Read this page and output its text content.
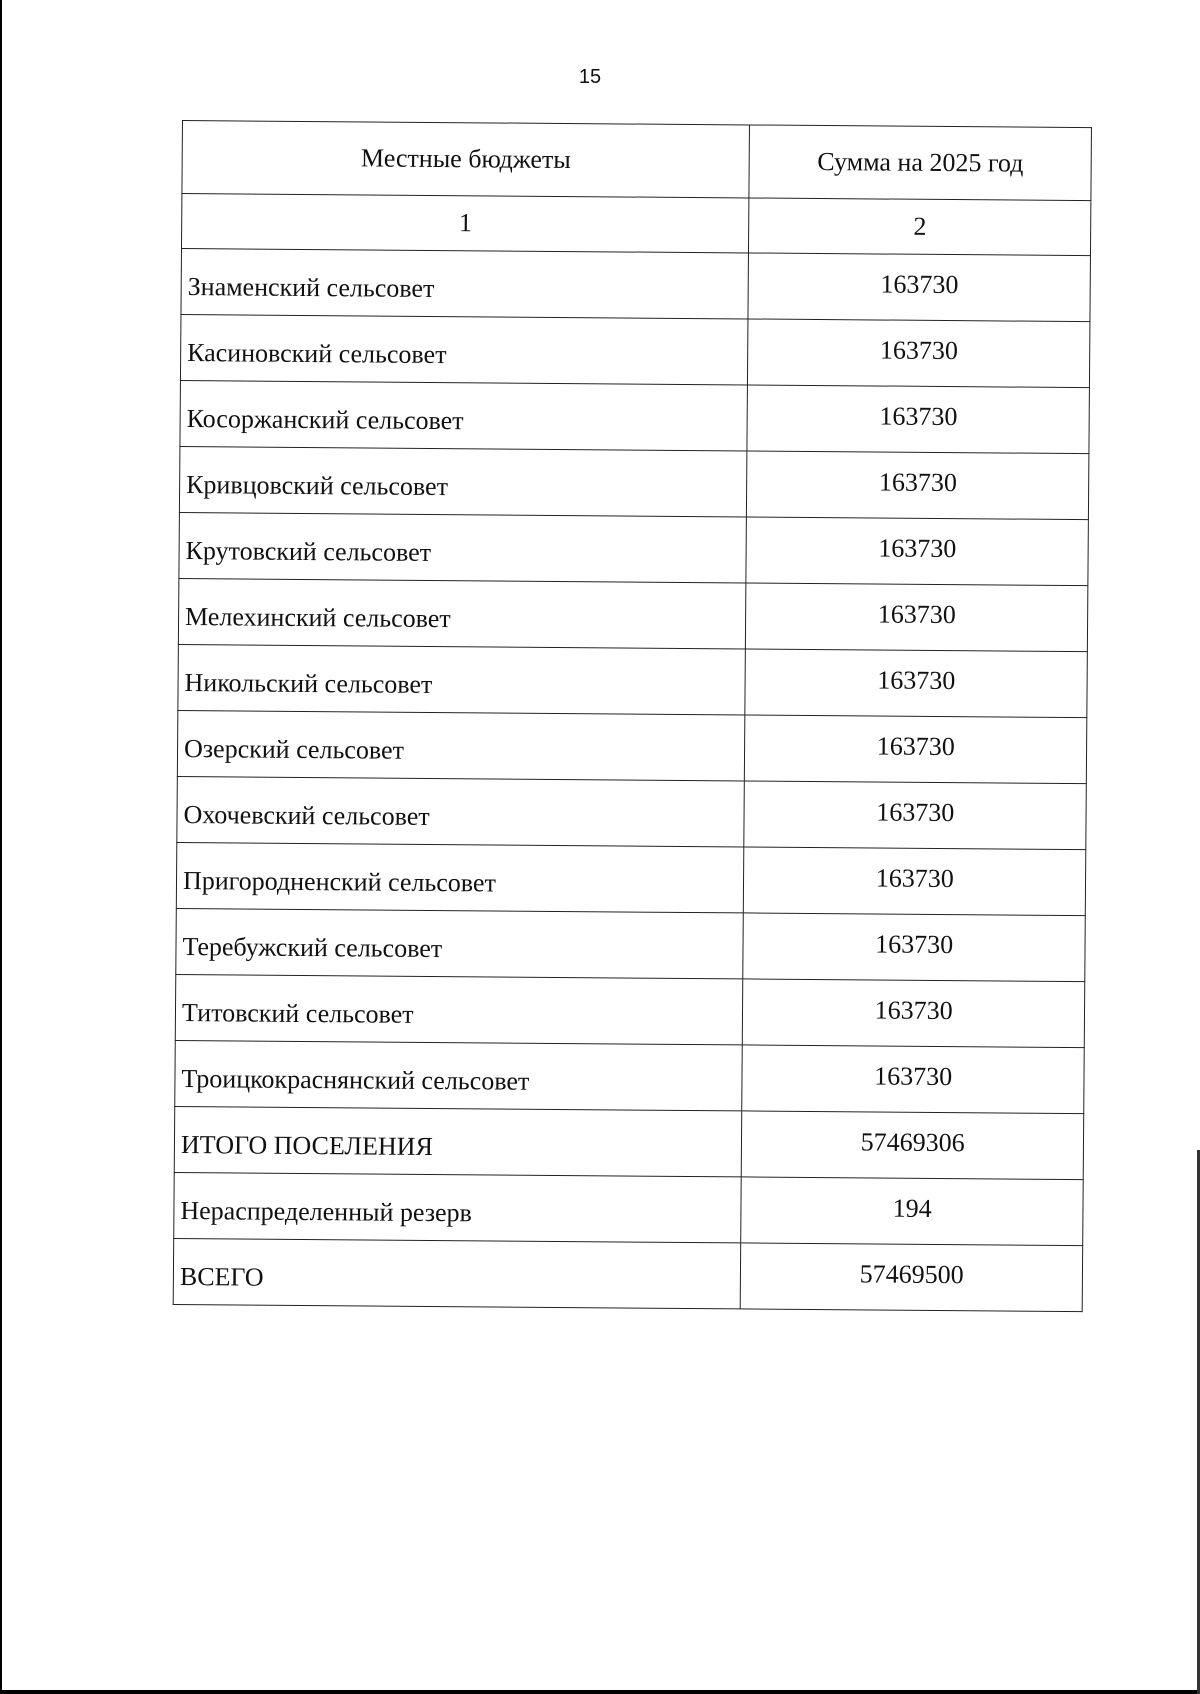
15
Местные бюджеты	Сумма на 2025 год
1	2
Знаменский сельсовет	163730
Касиновский сельсовет	163730
Косоржанский сельсовет	163730
Кривцовский сельсовет	163730
Крутовский сельсовет	163730
Мелехинский сельсовет	163730
Никольский сельсовет	163730
Озерский сельсовет	163730
Охочевский сельсовет	163730
Пригородненский сельсовет	163730
Теребужский сельсовет	163730
Титовский сельсовет	163730
Троицкокраснянский сельсовет	163730
ИТОГО ПОСЕЛЕНИЯ	57469306
Нераспределенный резерв	194
ВСЕГО	57469500
